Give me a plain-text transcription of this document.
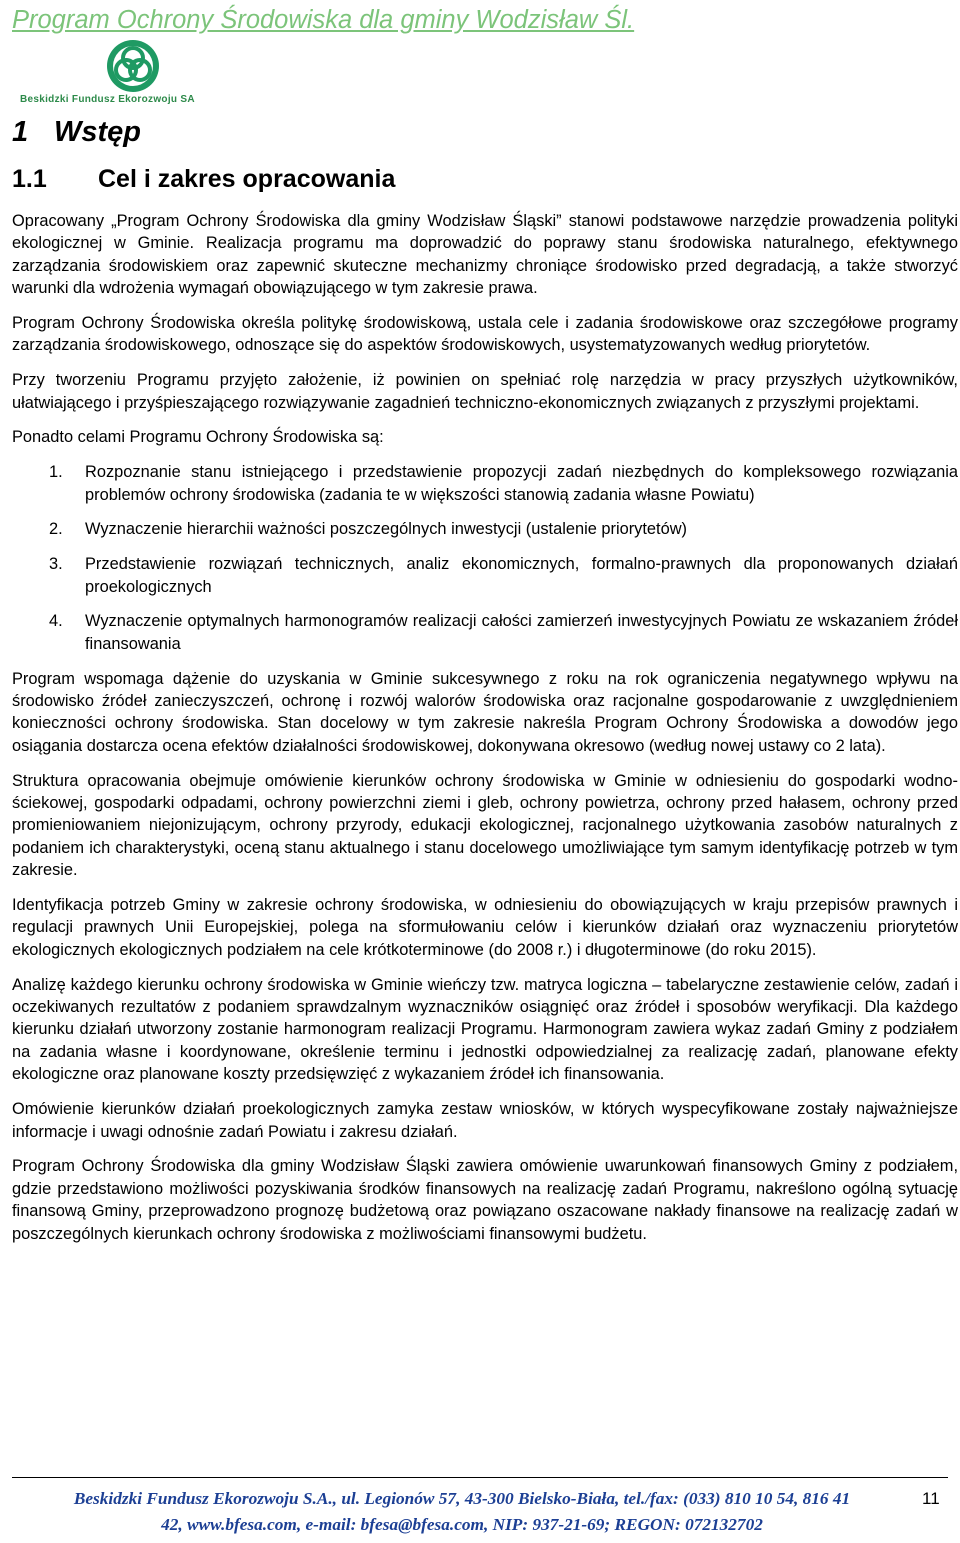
Program Ochrony Środowiska dla gminy Wodzisław Śl.
Beskidzki Fundusz Ekorozwoju SA
1 Wstęp
1.1 Cel i zakres opracowania

Opracowany „Program Ochrony Środowiska dla gminy Wodzisław Śląski” stanowi podstawowe narzędzie prowadzenia polityki ekologicznej w Gminie. Realizacja programu ma doprowadzić do poprawy stanu środowiska naturalnego, efektywnego zarządzania środowiskiem oraz zapewnić skuteczne mechanizmy chroniące środowisko przed degradacją, a także stworzyć warunki dla wdrożenia wymagań obowiązującego w tym zakresie prawa.

Program Ochrony Środowiska określa politykę środowiskową, ustala cele i zadania środowiskowe oraz szczegółowe programy zarządzania środowiskowego, odnoszące się do aspektów środowiskowych, usystematyzowanych według priorytetów.

Przy tworzeniu Programu przyjęto założenie, iż powinien on spełniać rolę narzędzia w pracy przyszłych użytkowników, ułatwiającego i przyśpieszającego rozwiązywanie zagadnień techniczno-ekonomicznych związanych z przyszłymi projektami.

Ponadto celami Programu Ochrony Środowiska są:

1. Rozpoznanie stanu istniejącego i przedstawienie propozycji zadań niezbędnych do kompleksowego rozwiązania problemów ochrony środowiska (zadania te w większości stanowią zadania własne Powiatu)
2. Wyznaczenie hierarchii ważności poszczególnych inwestycji (ustalenie priorytetów)
3. Przedstawienie rozwiązań technicznych, analiz ekonomicznych, formalno-prawnych dla proponowanych działań proekologicznych
4. Wyznaczenie optymalnych harmonogramów realizacji całości zamierzeń inwestycyjnych Powiatu ze wskazaniem źródeł finansowania

Program wspomaga dążenie do uzyskania w Gminie sukcesywnego z roku na rok ograniczenia negatywnego wpływu na środowisko źródeł zanieczyszczeń, ochronę i rozwój walorów środowiska oraz racjonalne gospodarowanie z uwzględnieniem konieczności ochrony środowiska. Stan docelowy w tym zakresie nakreśla Program Ochrony Środowiska a dowodów jego osiągania dostarcza ocena efektów działalności środowiskowej, dokonywana okresowo (według nowej ustawy co 2 lata).

Struktura opracowania obejmuje omówienie kierunków ochrony środowiska w Gminie w odniesieniu do gospodarki wodno-ściekowej, gospodarki odpadami, ochrony powierzchni ziemi i gleb, ochrony powietrza, ochrony przed hałasem, ochrony przed promieniowaniem niejonizującym, ochrony przyrody, edukacji ekologicznej, racjonalnego użytkowania zasobów naturalnych z podaniem ich charakterystyki, oceną stanu aktualnego i stanu docelowego umożliwiające tym samym identyfikację potrzeb w tym zakresie.

Identyfikacja potrzeb Gminy w zakresie ochrony środowiska, w odniesieniu do obowiązujących w kraju przepisów prawnych i regulacji prawnych Unii Europejskiej, polega na sformułowaniu celów i kierunków działań oraz wyznaczeniu priorytetów ekologicznych ekologicznych podziałem na cele krótkoterminowe (do 2008 r.) i długoterminowe (do roku 2015).

Analizę każdego kierunku ochrony środowiska w Gminie wieńczy tzw. matryca logiczna – tabelaryczne zestawienie celów, zadań i oczekiwanych rezultatów z podaniem sprawdzalnym wyznaczników osiągnięć oraz źródeł i sposobów weryfikacji. Dla każdego kierunku działań utworzony zostanie harmonogram realizacji Programu. Harmonogram zawiera wykaz zadań Gminy z podziałem na zadania własne i koordynowane, określenie terminu i jednostki odpowiedzialnej za realizację zadań, planowane efekty ekologiczne oraz planowane koszty przedsięwzięć z wykazaniem źródeł ich finansowania.

Omówienie kierunków działań proekologicznych zamyka zestaw wniosków, w których wyspecyfikowane zostały najważniejsze informacje i uwagi odnośnie zadań Powiatu i zakresu działań.

Program Ochrony Środowiska dla gminy Wodzisław Śląski zawiera omówienie uwarunkowań finansowych Gminy z podziałem, gdzie przedstawiono możliwości pozyskiwania środków finansowych na realizację zadań Programu, nakreślono ogólną sytuację finansową Gminy, przeprowadzono prognozę budżetową oraz powiązano oszacowane nakłady finansowe na realizację zadań w poszczególnych kierunkach ochrony środowiska z możliwościami finansowymi budżetu.

Beskidzki Fundusz Ekorozwoju S.A., ul. Legionów 57, 43-300 Bielsko-Biała, tel./fax: (033) 810 10 54, 816 41
42, www.bfesa.com, e-mail: bfesa@bfesa.com, NIP: 937-21-69; REGON: 072132702
11
